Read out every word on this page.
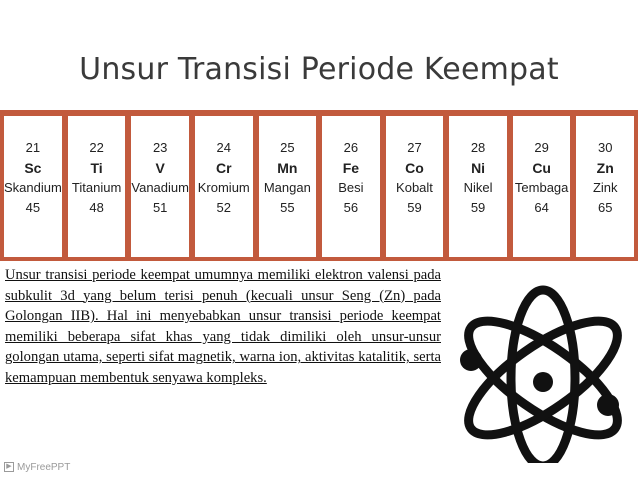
Unsur Transisi Periode Keempat
21
Sc
Skandium
45
22
Ti
Titanium
48
23
V
Vanadium
51
24
Cr
Kromium
52
25
Mn
Mangan
55
26
Fe
Besi
56
27
Co
Kobalt
59
28
Ni
Nikel
59
29
Cu
Tembaga
64
30
Zn
Zink
65
Unsur transisi periode keempat umumnya memiliki elektron valensi pada subkulit 3d yang belum terisi penuh (kecuali unsur Seng (Zn) pada Golongan IIB). Hal ini menyebabkan unsur transisi periode keempat memiliki beberapa sifat khas yang tidak dimiliki oleh unsur-unsur golongan utama, seperti sifat magnetik, warna ion, aktivitas katalitik, serta kemampuan membentuk senyawa kompleks.
▶ MyFreePPT
